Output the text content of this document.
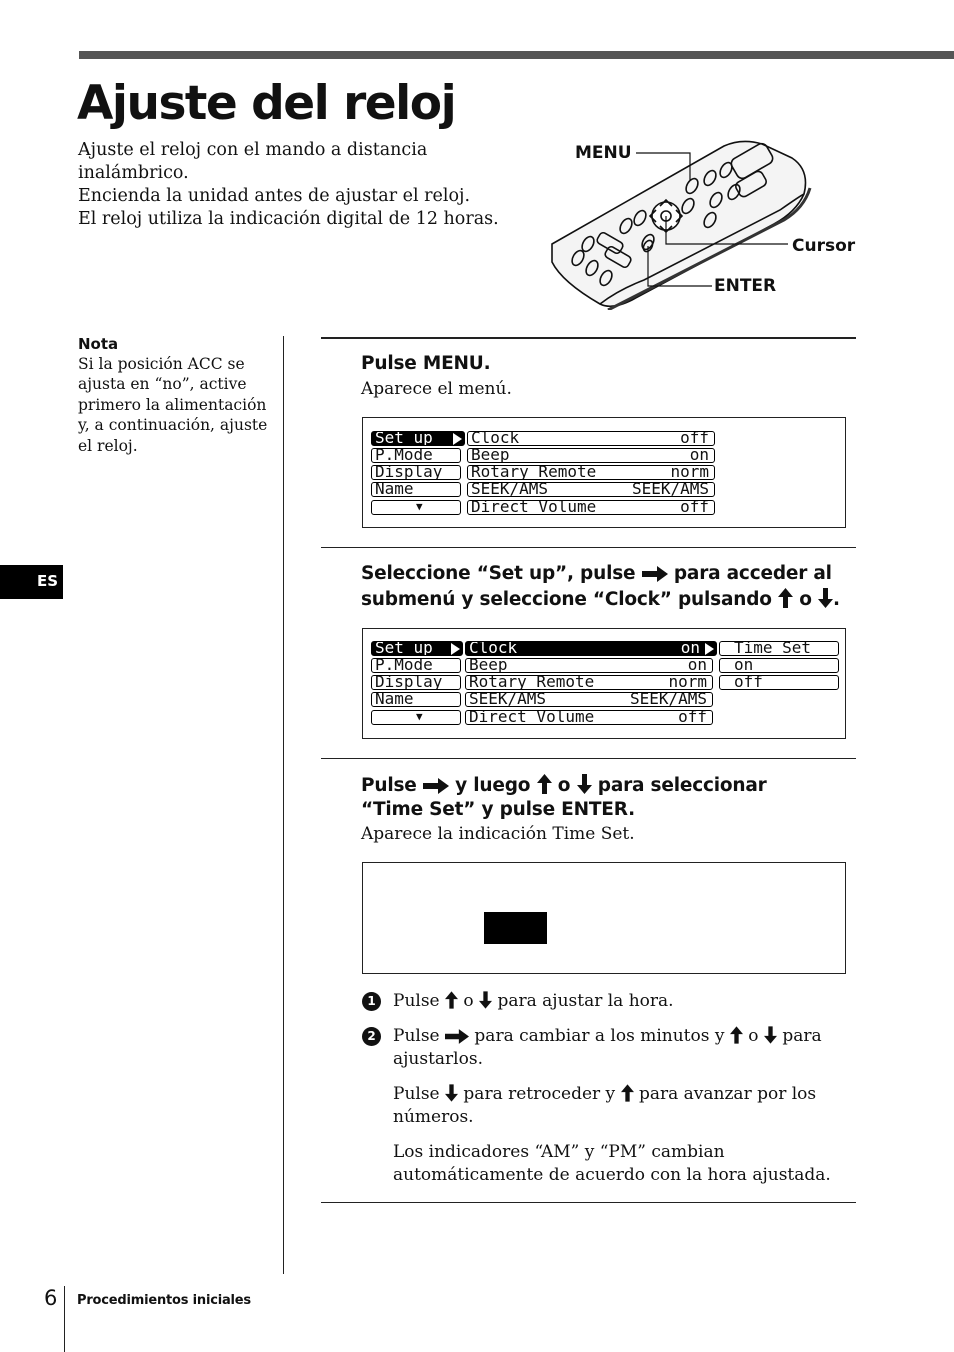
Ajuste del reloj
Ajuste el reloj con el mando a distancia
inalámbrico.
Encienda la unidad antes de ajustar el reloj.
El reloj utiliza la indicación digital de 12 horas.
MENU
Cursor
ENTER
Nota
Si la posición ACC se
ajusta en “no”, active
primero la alimentación
y, a continuación, ajuste
el reloj.
ES
Pulse MENU.
Aparece el menú.
Set up
P.Mode
Display
Name
▼
Clock	off
Beep	on
Rotary Remote	norm
SEEK/AMS	SEEK/AMS
Direct Volume	off
Seleccione “Set up”, pulse para acceder al
submenú y seleccione “Clock” pulsando o .
Set up
P.Mode
Display
Name
▼
Clock	on
Beep	on
Rotary Remote	norm
SEEK/AMS	SEEK/AMS
Direct Volume	off
Time Set
on
off
Pulse y luego o para seleccionar
“Time Set” y pulse ENTER.
Aparece la indicación Time Set.
1	Pulse o para ajustar la hora.
2	Pulse para cambiar a los minutos y o para
ajustarlos.
Pulse para retroceder y para avanzar por los
números.
Los indicadores “AM” y “PM” cambian
automáticamente de acuerdo con la hora ajustada.
6 Procedimientos iniciales
